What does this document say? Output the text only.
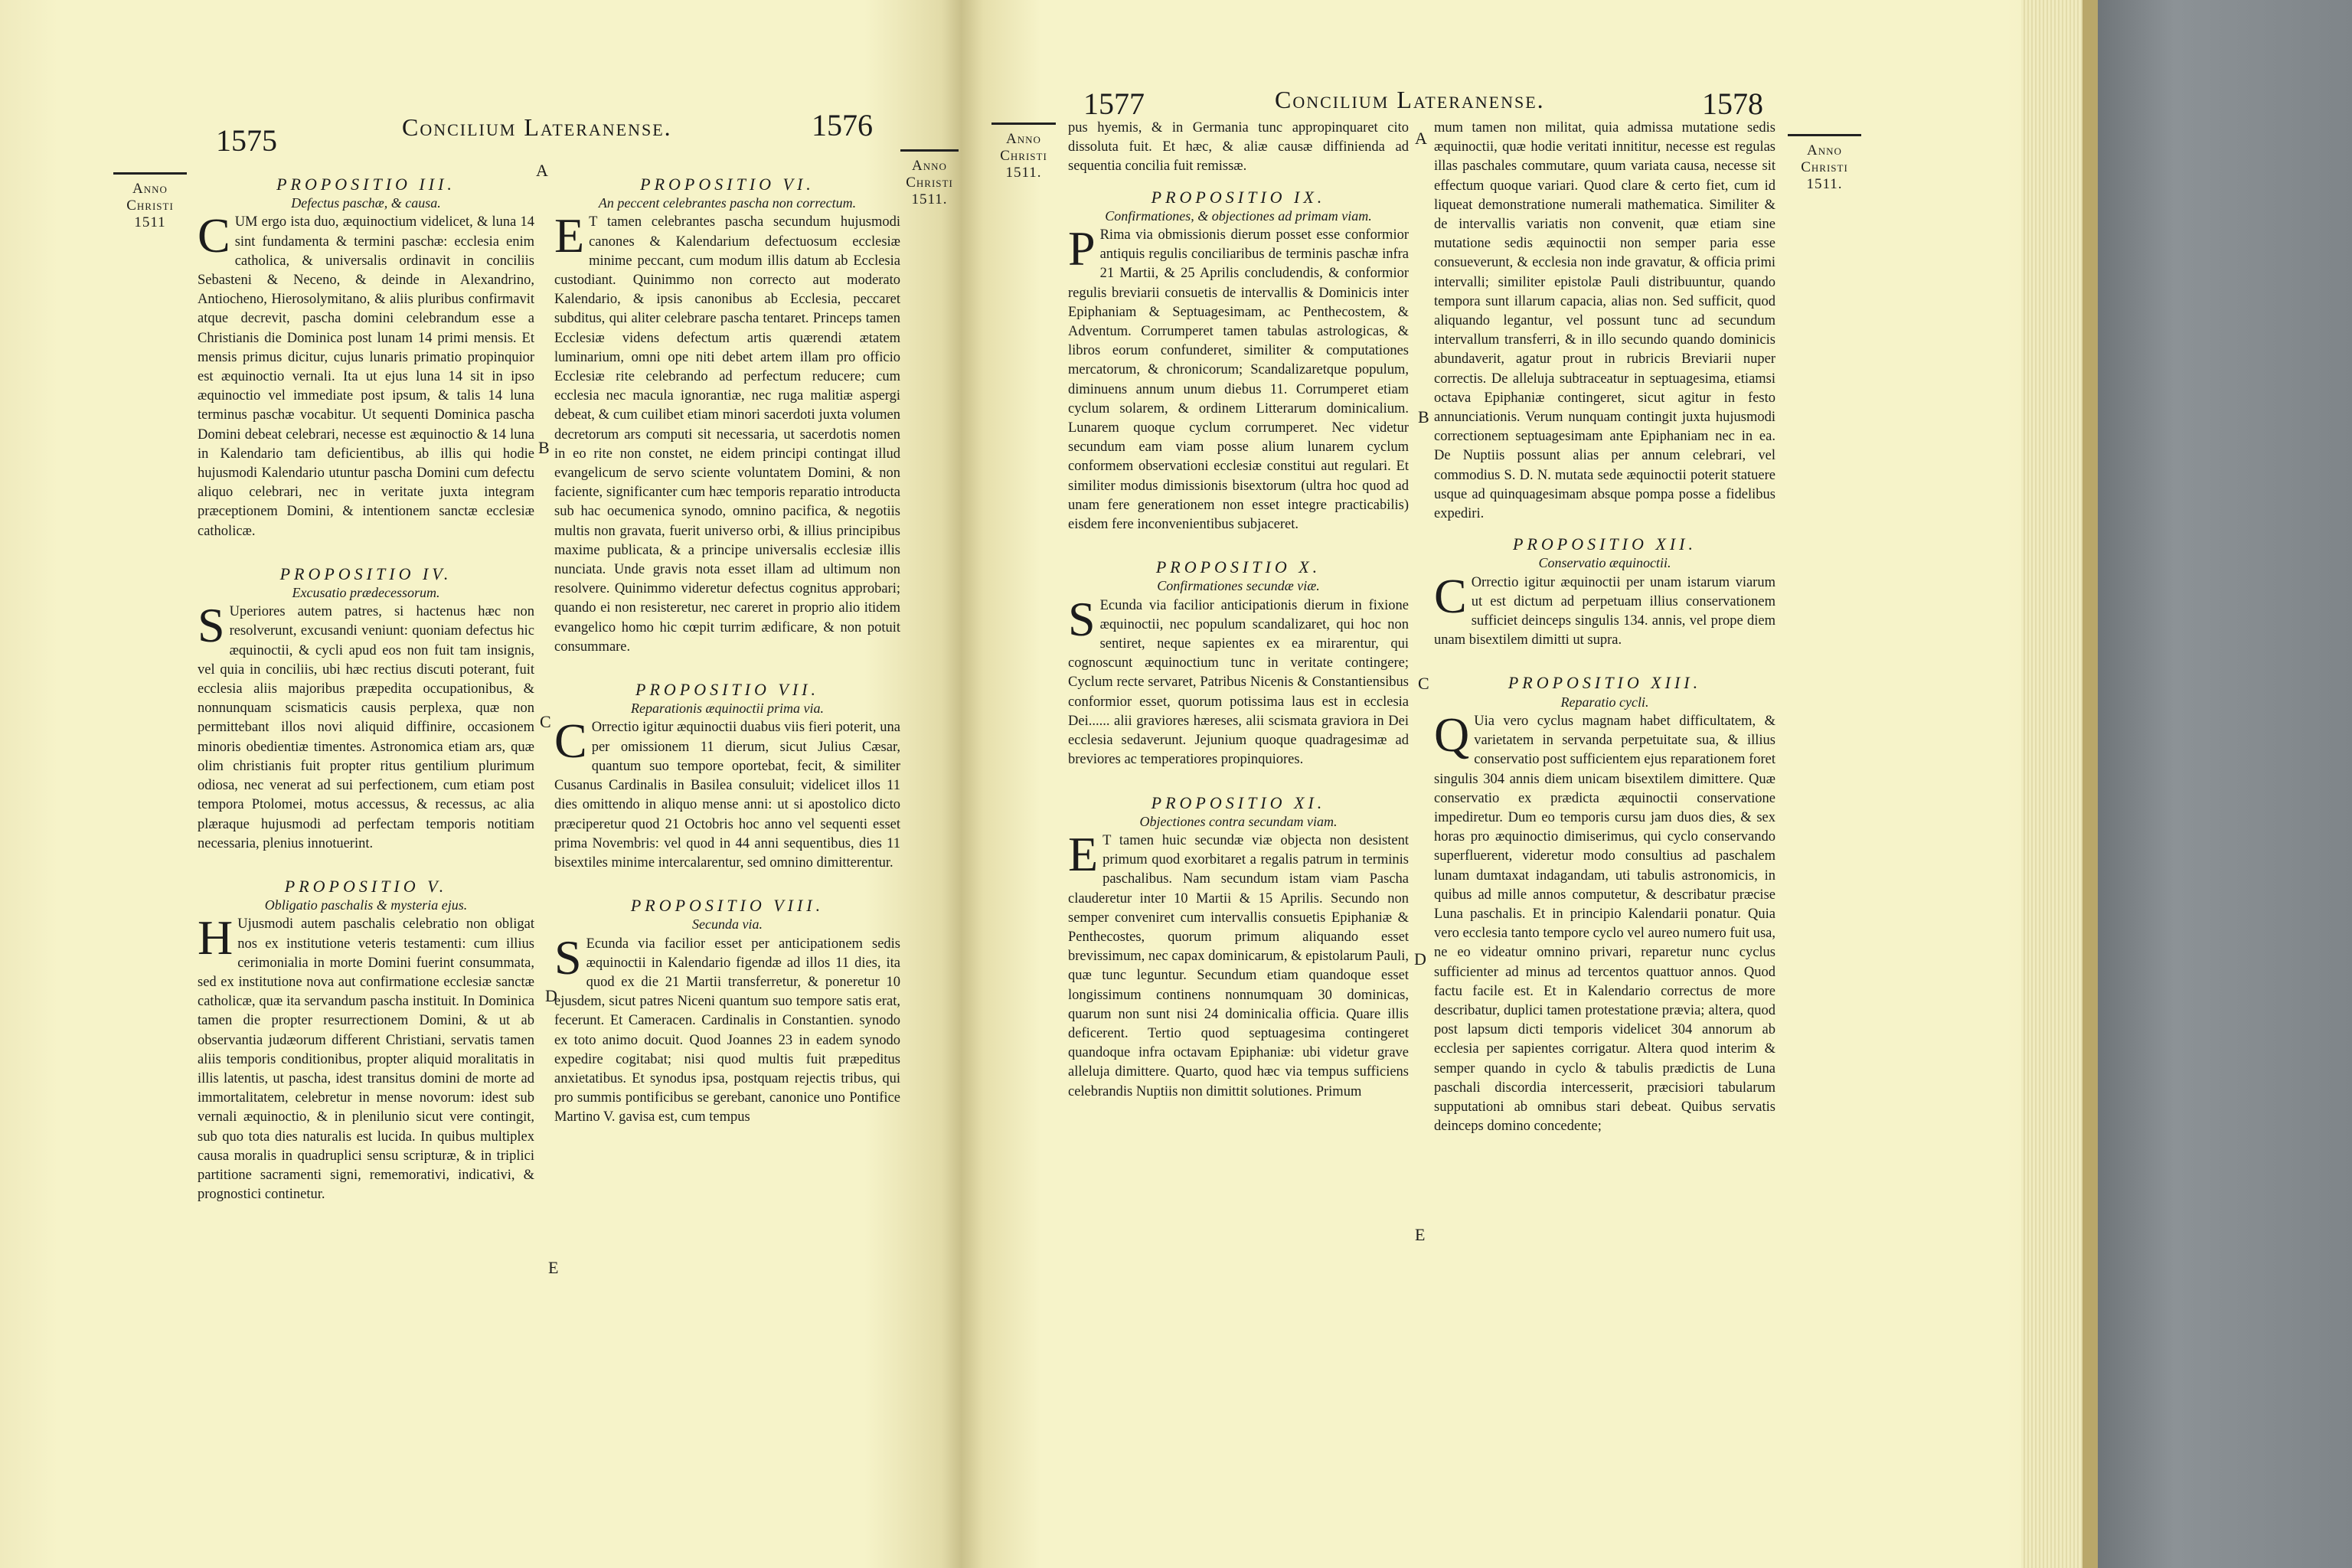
1575	Concilium Lateranense.	1576
Anno
Christi
1511
Anno
Christi
1511.
A
B
C
D
E

PROPOSITIO III.

Defectus paschæ, & causa.

CUM ergo ista duo, æquinoctium videlicet, & luna 14 sint fundamenta & termini paschæ: ecclesia enim catholica, & universalis ordinavit in conciliis Sebasteni & Neceno, & deinde in Alexandrino, Antiocheno, Hierosolymitano, & aliis pluribus confirmavit atque decrevit, pascha domini celebrandum esse a Christianis die Dominica post lunam 14 primi mensis. Et mensis primus dicitur, cujus lunaris primatio propinquior est æquinoctio vernali. Ita ut ejus luna 14 sit in ipso æquinoctio vel immediate post ipsum, & talis 14 luna terminus paschæ vocabitur. Ut sequenti Dominica pascha Domini debeat celebrari, necesse est æquinoctio & 14 luna in Kalendario tam deficientibus, ab illis qui hodie hujusmodi Kalendario utuntur pascha Domini cum defectu aliquo celebrari, nec in veritate juxta integram præceptionem Domini, & intentionem sanctæ ecclesiæ catholicæ.

PROPOSITIO IV.

Excusatio prædecessorum.

S Uperiores autem patres, si hactenus hæc non resolverunt, excusandi veniunt: quoniam defectus hic æquinoctii, & cycli apud eos non fuit tam insignis, vel quia in conciliis, ubi hæc rectius discuti poterant, fuit ecclesia aliis majoribus præpedita occupationibus, & nonnunquam scismaticis causis perplexa, quæ non permittebant illos novi aliquid diffinire, occasionem minoris obedientiæ timentes. Astronomica etiam ars, quæ olim christianis fuit propter ritus gentilium plurimum odiosa, nec venerat ad sui perfectionem, cum etiam post tempora Ptolomei, motus accessus, & recessus, ac alia plæraque hujusmodi ad perfectam temporis notitiam necessaria, plenius innotuerint.

PROPOSITIO V.

Obligatio paschalis & mysteria ejus.

H Ujusmodi autem paschalis celebratio non obligat nos ex institutione veteris testamenti: cum illius cerimonialia in morte Domini fuerint consummata, sed ex institutione nova aut confirmatione ecclesiæ sanctæ catholicæ, quæ ita servandum pascha instituit. In Dominica tamen die propter resurrectionem Domini, & ut ab observantia judæorum different Christiani, servatis tamen aliis temporis conditionibus, propter aliquid moralitatis in illis latentis, ut pascha, idest transitus domini de morte ad immortalitatem, celebretur in mense novorum: idest sub vernali æquinoctio, & in plenilunio sicut vere contingit, sub quo tota dies naturalis est lucida. In quibus multiplex causa moralis in quadruplici sensu scripturæ, & in triplici partitione sacramenti signi, rememorativi, indicativi, & prognostici continetur.

PROPOSITIO VI.

An peccent celebrantes pascha non correctum.

E T tamen celebrantes pascha secundum hujusmodi canones & Kalendarium defectuosum ecclesiæ minime peccant, cum modum illis datum ab Ecclesia custodiant. Quinimmo non correcto aut moderato Kalendario, & ipsis canonibus ab Ecclesia, peccaret subditus, qui aliter celebrare pascha tentaret. Princeps tamen Ecclesiæ videns defectum artis quærendi ætatem luminarium, omni ope niti debet artem illam pro officio Ecclesiæ rite celebrando ad perfectum reducere; cum ecclesia nec macula ignorantiæ, nec ruga malitiæ aspergi debeat, & cum cuilibet etiam minori sacerdoti juxta volumen decretorum ars computi sit necessaria, ut sacerdotis nomen in eo rite non constet, ne eidem principi contingat illud evangelicum de servo sciente voluntatem Domini, & non faciente, significanter cum hæc temporis reparatio introducta sub hac oecumenica synodo, omnino pacifica, & negotiis multis non gravata, fuerit universo orbi, & illius principibus maxime publicata, & a principe universalis ecclesiæ illis nunciata. Unde gravis nota esset illam ad ultimum non resolvere. Quinimmo videretur defectus cognitus approbari; quando ei non resisteretur, nec careret in proprio alio itidem evangelico homo hic cœpit turrim ædificare, & non potuit consummare.

PROPOSITIO VII.

Reparationis æquinoctii prima via.

C Orrectio igitur æquinoctii duabus viis fieri poterit, una per omissionem 11 dierum, sicut Julius Cæsar, quantum suo tempore oportebat, fecit, & similiter Cusanus Cardinalis in Basilea consuluit; videlicet illos 11 dies omittendo in aliquo mense anni: ut si apostolico dicto præciperetur quod 21 Octobris hoc anno vel sequenti esset prima Novembris: vel quod in 44 anni sequentibus, dies 11 bisextiles minime intercalarentur, sed omnino dimitterentur.

PROPOSITIO VIII.

Secunda via.

S Ecunda via facilior esset per anticipationem sedis æquinoctii in Kalendario figendæ ad illos 11 dies, ita quod ex die 21 Martii transferretur, & poneretur 10 ejusdem, sicut patres Niceni quantum suo tempore satis erat, fecerunt. Et Cameracen. Cardinalis in Constantien. synodo ex toto animo docuit. Quod Joannes 23 in eadem synodo expedire cogitabat; nisi quod multis fuit præpeditus anxietatibus. Et synodus ipsa, postquam rejectis tribus, qui pro summis pontificibus se gerebant, canonice uno Pontifice Martino V. gavisa est, cum tempus

1577	Concilium Lateranense.	1578
Anno
Christi
1511.
Anno
Christi
1511.
A
B
C
D
E

pus hyemis, & in Germania tunc appropinquaret cito dissoluta fuit. Et hæc, & aliæ causæ diffinienda ad sequentia concilia fuit remissæ.

PROPOSITIO IX.

Confirmationes, & objectiones ad primam viam.

P Rima via obmissionis dierum posset esse conformior antiquis regulis conciliaribus de terminis paschæ infra 21 Martii, & 25 Aprilis concludendis, & conformior regulis breviarii consuetis de intervallis & Dominicis inter Epiphaniam & Septuagesimam, ac Penthecostem, & Adventum. Corrumperet tamen tabulas astrologicas, & libros eorum confunderet, similiter & computationes mercatorum, & chronicorum; Scandalizaretque populum, diminuens annum unum diebus 11. Corrumperet etiam cyclum solarem, & ordinem Litterarum dominicalium. Lunarem quoque cyclum corrumperet. Nec videtur secundum eam viam posse alium lunarem cyclum conformem observationi ecclesiæ constitui aut regulari. Et similiter modus dimissionis bisextorum (ultra hoc quod ad unam fere generationem non esset integre practicabilis) eisdem fere inconvenientibus subjaceret.

PROPOSITIO X.

Confirmationes secundæ viæ.

S Ecunda via facilior anticipationis dierum in fixione æquinoctii, nec populum scandalizaret, qui hoc non sentiret, neque sapientes ex ea mirarentur, qui cognoscunt æquinoctium tunc in veritate contingere; Cyclum recte servaret, Patribus Nicenis & Constantiensibus conformior esset, quorum potissima laus est in ecclesia Dei...... alii graviores hæreses, alii scismata graviora in Dei ecclesia sedaverunt. Jejunium quoque quadragesimæ ad breviores ac temperatiores propinquiores.

PROPOSITIO XI.

Objectiones contra secundam viam.

E T tamen huic secundæ viæ objecta non desistent primum quod exorbitaret a regalis patrum in terminis paschalibus. Nam secundum istam viam Pascha clauderetur inter 10 Martii & 15 Aprilis. Secundo non semper conveniret cum intervallis consuetis Epiphaniæ & Penthecostes, quorum primum aliquando esset brevissimum, nec capax dominicarum, & epistolarum Pauli, quæ tunc leguntur. Secundum etiam quandoque esset longissimum continens nonnumquam 30 dominicas, quarum non sunt nisi 24 dominicalia officia. Quare illis deficerent. Tertio quod septuagesima contingeret quandoque infra octavam Epiphaniæ: ubi videtur grave alleluja dimittere. Quarto, quod hæc via tempus sufficiens celebrandis Nuptiis non dimittit solutiones. Primum

mum tamen non militat, quia admissa mutatione sedis æquinoctii, quæ hodie veritati innititur, necesse est regulas illas paschales commutare, quum variata causa, necesse sit effectum quoque variari. Quod clare & certo fiet, cum id liqueat demonstratione numerali mathematica. Similiter & de intervallis variatis non convenit, quæ etiam sine mutatione sedis æquinoctii non semper paria esse consueverunt, & ecclesia non inde gravatur, & officia primi intervalli; similiter epistolæ Pauli distribuuntur, quando tempora sunt illarum capacia, alias non. Sed sufficit, quod aliquando legantur, vel possunt tunc ad secundum intervallum transferri, & in illo secundo quando dominicis abundaverit, agatur prout in rubricis Breviarii nuper correctis. De alleluja subtraceatur in septuagesima, etiamsi octava Epiphaniæ contingeret, sicut agitur in festo annunciationis. Verum nunquam contingit juxta hujusmodi correctionem septuagesimam ante Epiphaniam nec in ea. De Nuptiis possunt alias per annum celebrari, vel commodius S. D. N. mutata sede æquinoctii poterit statuere usque ad quinquagesimam absque pompa posse a fidelibus expediri.

PROPOSITIO XII.

Conservatio æquinoctii.

C Orrectio igitur æquinoctii per unam istarum viarum ut est dictum ad perpetuam illius conservationem sufficiet deinceps singulis 134. annis, vel prope diem unam bisextilem dimitti ut supra.

PROPOSITIO XIII.

Reparatio cycli.

Q Uia vero cyclus magnam habet difficultatem, & varietatem in servanda perpetuitate sua, & illius conservatio post sufficientem ejus reparationem foret singulis 304 annis diem unicam bisextilem dimittere. Quæ conservatio ex prædicta æquinoctii conservatione impediretur. Dum eo temporis cursu jam duos dies, & sex horas pro æquinoctio dimiserimus, qui cyclo conservando superfluerent, videretur modo consultius ad paschalem lunam dumtaxat indagandam, uti tabulis astronomicis, in quibus ad mille annos computetur, & describatur præcise Luna paschalis. Et in principio Kalendarii ponatur. Quia vero ecclesia tanto tempore cyclo vel aureo numero fuit usa, ne eo videatur omnino privari, reparetur nunc cyclus sufficienter ad minus ad tercentos quattuor annos. Quod factu facile est. Et in Kalendario correctus de more describatur, duplici tamen protestatione prævia; altera, quod post lapsum dicti temporis videlicet 304 annorum ab ecclesia per sapientes corrigatur. Altera quod interim & semper quando in cyclo & tabulis prædictis de Luna paschali discordia intercesserit, præcisiori tabularum supputationi ab omnibus stari debeat. Quibus servatis deinceps domino concedente;
